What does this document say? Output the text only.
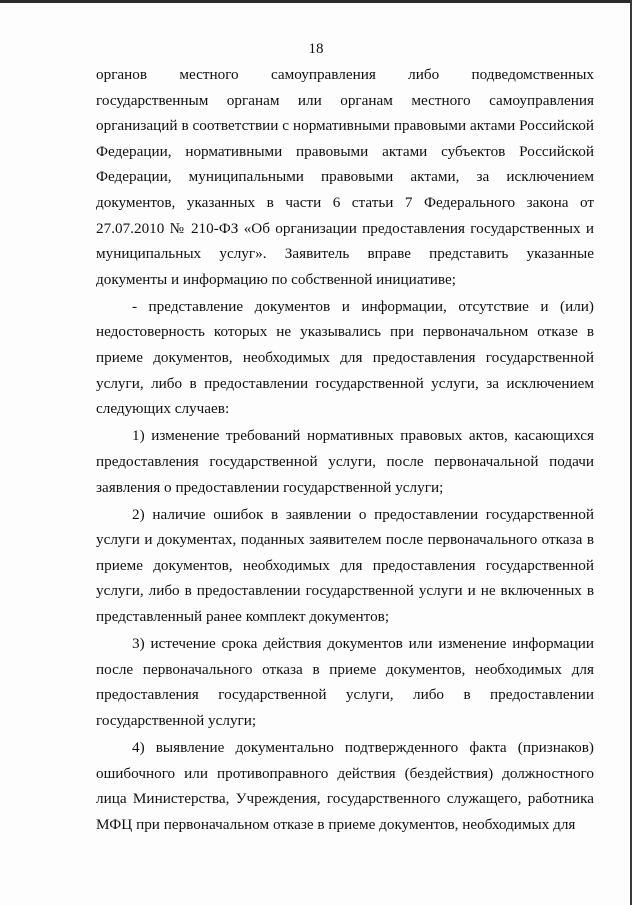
18

органов местного самоуправления либо подведомственных государственным органам или органам местного самоуправления организаций в соответствии с нормативными правовыми актами Российской Федерации, нормативными правовыми актами субъектов Российской Федерации, муниципальными правовыми актами, за исключением документов, указанных в части 6 статьи 7 Федерального закона от 27.07.2010 № 210-ФЗ «Об организации предоставления государственных и муниципальных услуг». Заявитель вправе представить указанные документы и информацию по собственной инициативе;

- представление документов и информации, отсутствие и (или) недостоверность которых не указывались при первоначальном отказе в приеме документов, необходимых для предоставления государственной услуги, либо в предоставлении государственной услуги, за исключением следующих случаев:

1) изменение требований нормативных правовых актов, касающихся предоставления государственной услуги, после первоначальной подачи заявления о предоставлении государственной услуги;

2) наличие ошибок в заявлении о предоставлении государственной услуги и документах, поданных заявителем после первоначального отказа в приеме документов, необходимых для предоставления государственной услуги, либо в предоставлении государственной услуги и не включенных в представленный ранее комплект документов;

3) истечение срока действия документов или изменение информации после первоначального отказа в приеме документов, необходимых для предоставления государственной услуги, либо в предоставлении государственной услуги;

4) выявление документально подтвержденного факта (признаков) ошибочного или противоправного действия (бездействия) должностного лица Министерства, Учреждения, государственного служащего, работника МФЦ при первоначальном отказе в приеме документов, необходимых для
